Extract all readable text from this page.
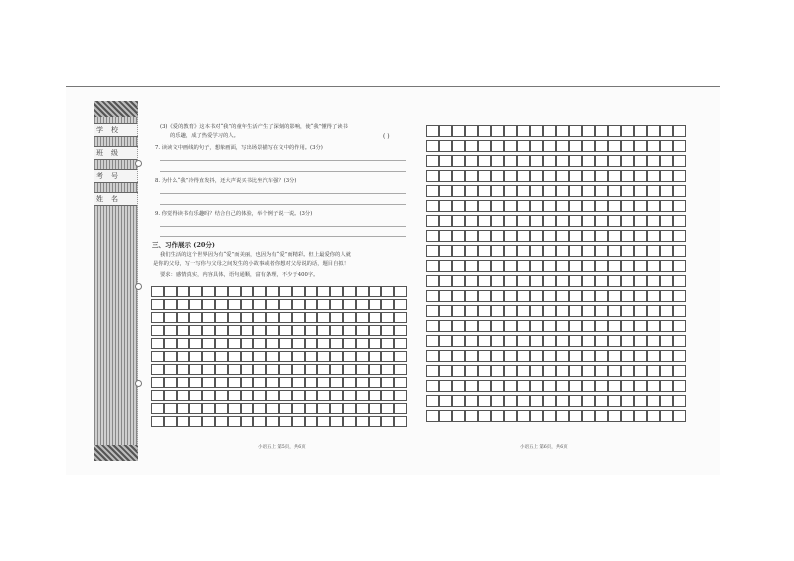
学校
班级
考号
姓名
(3)《爱的教育》这本书对“我”的童年生活产生了深刻的影响，使“我”懂得了读书
的乐趣，成了热爱学习的人。	( )
7. 读读文中画线的句子，想象画面，写出场景描写在文中的作用。(3分)
8. 为什么“我”冷得直发抖，还大声说买书比坐汽车强？(3分)
9. 你觉得读书有乐趣吗？结合自己的体验，举个例子说一说。(3分)
三、习作展示 (20分)
我们生活的这个世界因为有“爱”而美丽，也因为有“爱”而精彩。但上最爱你的人就
是你的父母，写一写你与父母之间发生的小故事或者你想对父母说的话，题目自拟！
要求：感情真实，内容具体，语句通顺，富有条理，不少于400字。
小语五上 第5页，共6页	小语五上 第6页，共6页
